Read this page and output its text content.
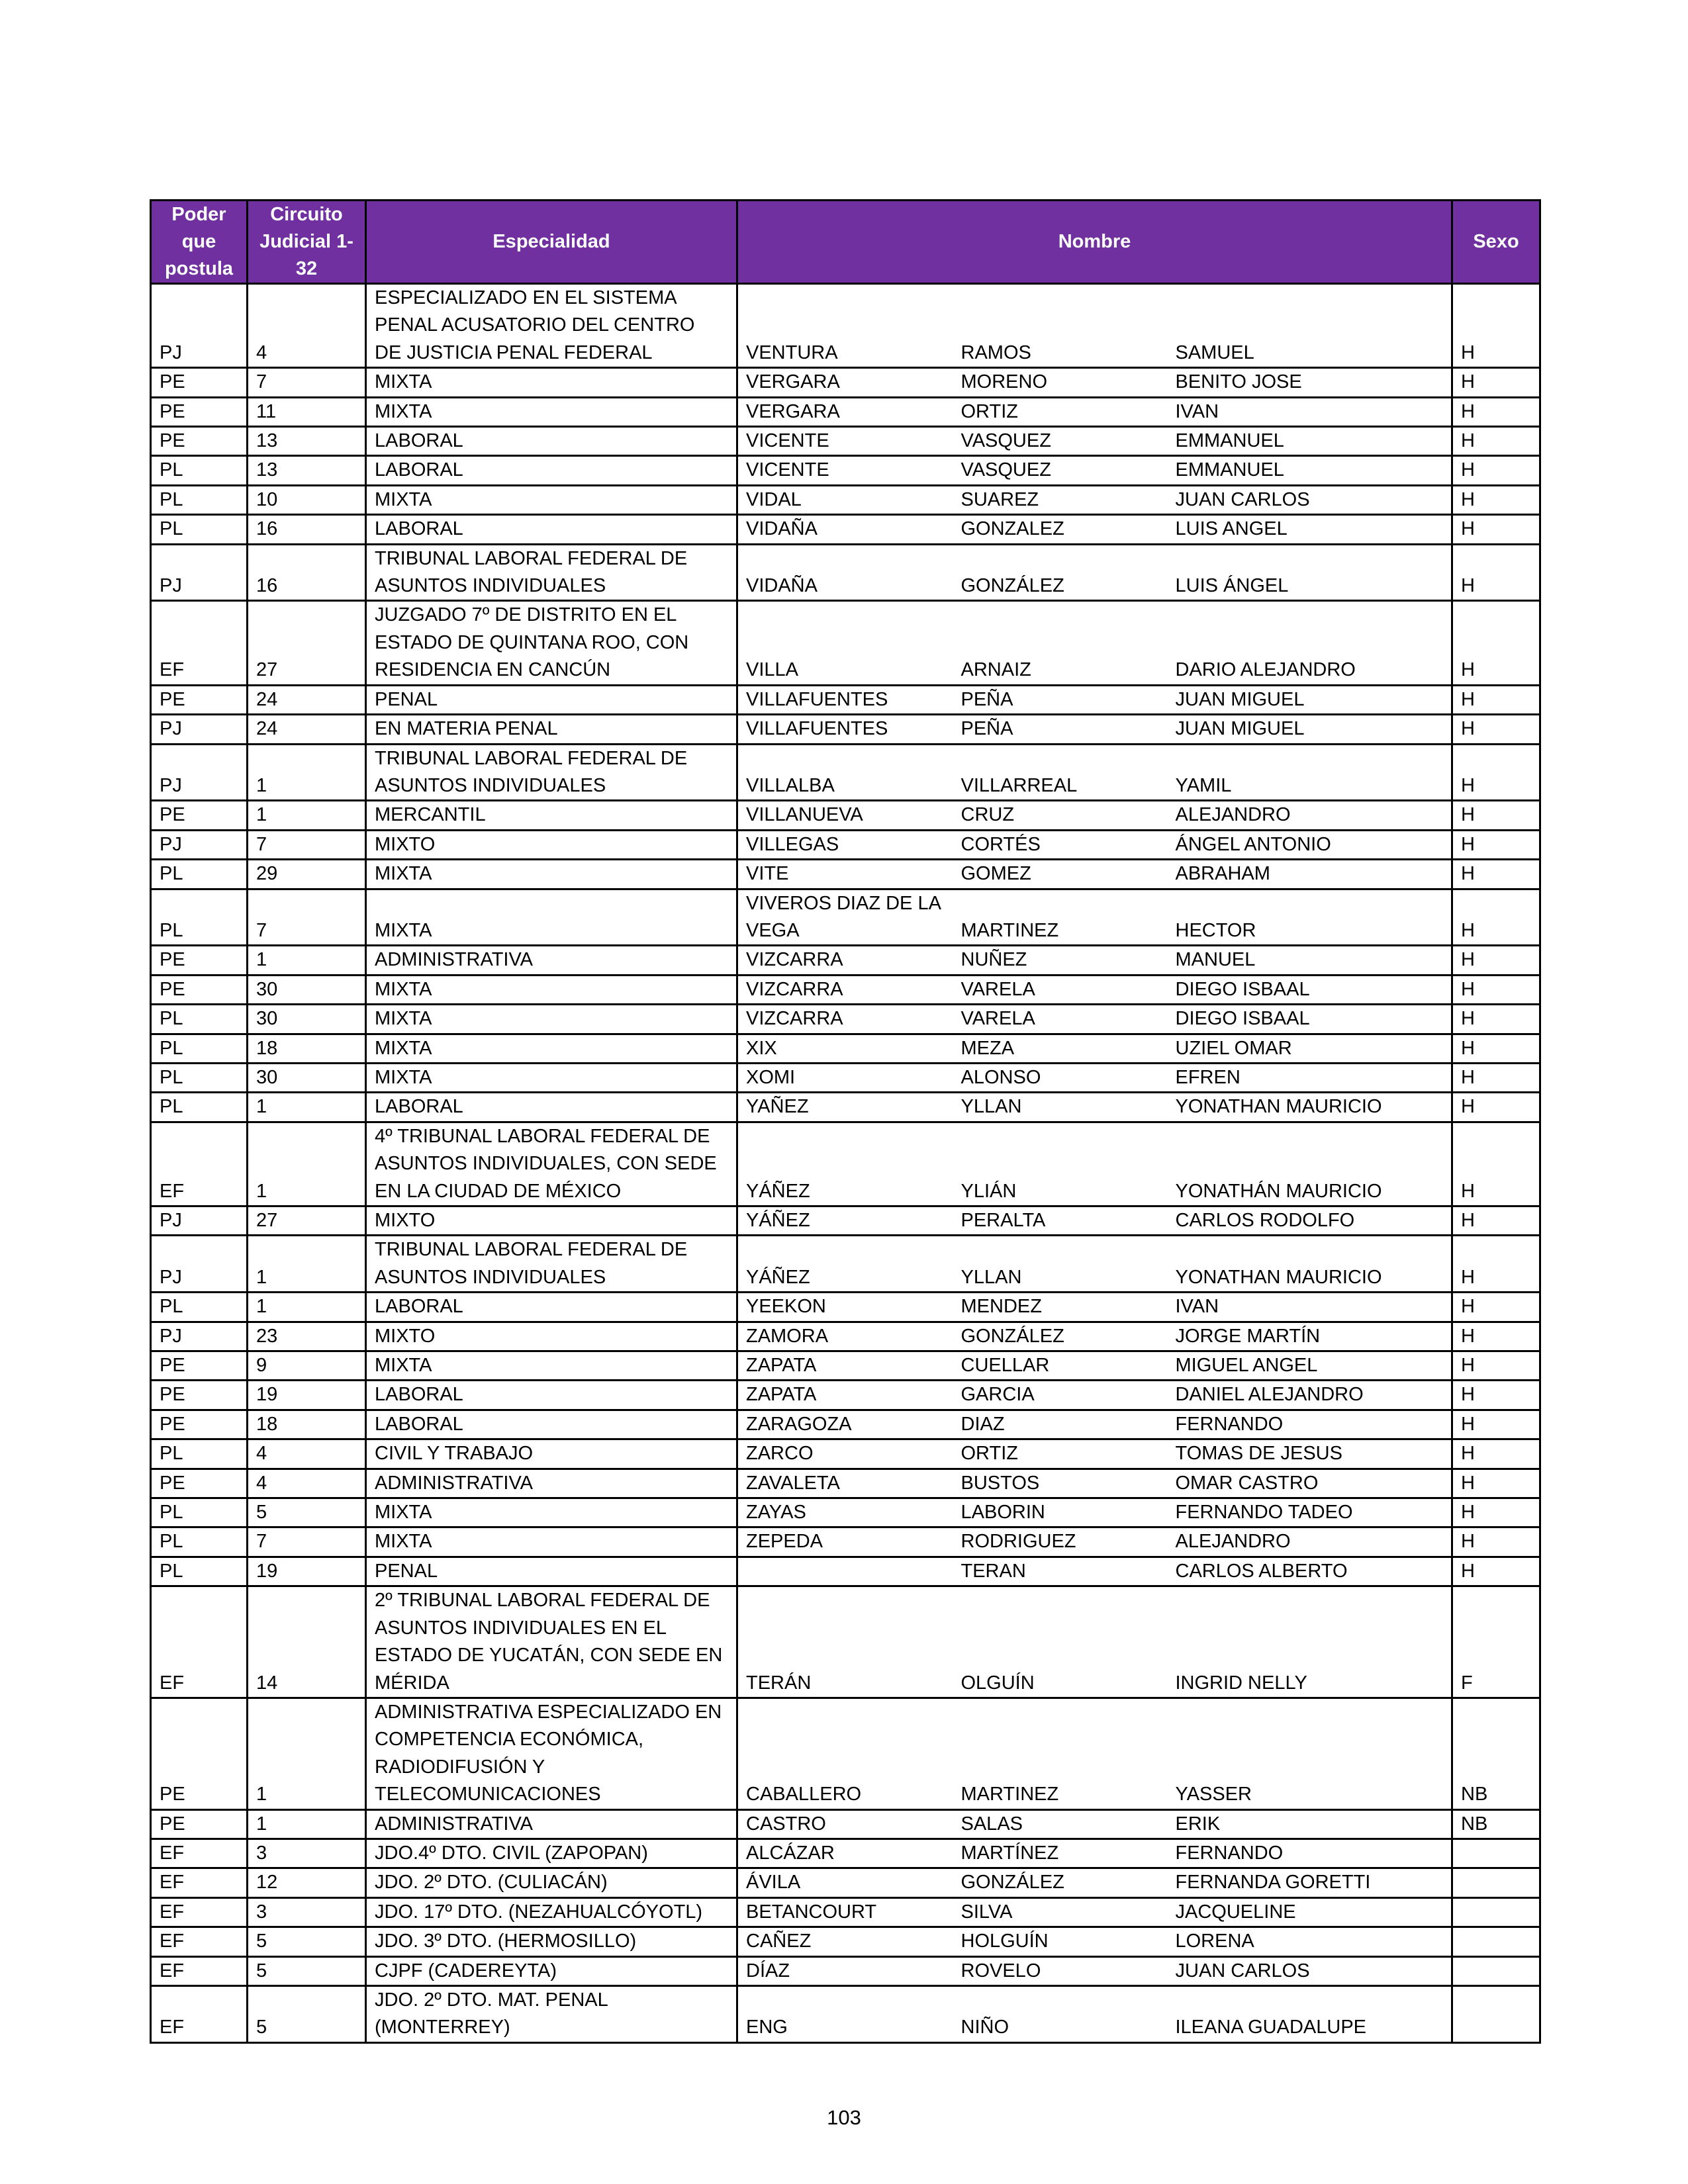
Poder que postula	Circuito Judicial 1-32	Especialidad	Nombre			Sexo
PJ	4	ESPECIALIZADO EN EL SISTEMA PENAL ACUSATORIO DEL CENTRO DE JUSTICIA PENAL FEDERAL	VENTURA	RAMOS	SAMUEL	H
PE	7	MIXTA	VERGARA	MORENO	BENITO JOSE	H
PE	11	MIXTA	VERGARA	ORTIZ	IVAN	H
PE	13	LABORAL	VICENTE	VASQUEZ	EMMANUEL	H
PL	13	LABORAL	VICENTE	VASQUEZ	EMMANUEL	H
PL	10	MIXTA	VIDAL	SUAREZ	JUAN CARLOS	H
PL	16	LABORAL	VIDAÑA	GONZALEZ	LUIS ANGEL	H
PJ	16	TRIBUNAL LABORAL FEDERAL DE ASUNTOS INDIVIDUALES	VIDAÑA	GONZÁLEZ	LUIS ÁNGEL	H
EF	27	JUZGADO 7º DE DISTRITO EN EL ESTADO DE QUINTANA ROO, CON RESIDENCIA EN CANCÚN	VILLA	ARNAIZ	DARIO ALEJANDRO	H
PE	24	PENAL	VILLAFUENTES	PEÑA	JUAN MIGUEL	H
PJ	24	EN MATERIA PENAL	VILLAFUENTES	PEÑA	JUAN MIGUEL	H
PJ	1	TRIBUNAL LABORAL FEDERAL DE ASUNTOS INDIVIDUALES	VILLALBA	VILLARREAL	YAMIL	H
PE	1	MERCANTIL	VILLANUEVA	CRUZ	ALEJANDRO	H
PJ	7	MIXTO	VILLEGAS	CORTÉS	ÁNGEL ANTONIO	H
PL	29	MIXTA	VITE	GOMEZ	ABRAHAM	H
PL	7	MIXTA	VIVEROS DIAZ DE LA VEGA	MARTINEZ	HECTOR	H
PE	1	ADMINISTRATIVA	VIZCARRA	NUÑEZ	MANUEL	H
PE	30	MIXTA	VIZCARRA	VARELA	DIEGO ISBAAL	H
PL	30	MIXTA	VIZCARRA	VARELA	DIEGO ISBAAL	H
PL	18	MIXTA	XIX	MEZA	UZIEL OMAR	H
PL	30	MIXTA	XOMI	ALONSO	EFREN	H
PL	1	LABORAL	YAÑEZ	YLLAN	YONATHAN MAURICIO	H
EF	1	4º TRIBUNAL LABORAL FEDERAL DE ASUNTOS INDIVIDUALES, CON SEDE EN LA CIUDAD DE MÉXICO	YÁÑEZ	YLIÁN	YONATHÁN MAURICIO	H
PJ	27	MIXTO	YÁÑEZ	PERALTA	CARLOS RODOLFO	H
PJ	1	TRIBUNAL LABORAL FEDERAL DE ASUNTOS INDIVIDUALES	YÁÑEZ	YLLAN	YONATHAN MAURICIO	H
PL	1	LABORAL	YEEKON	MENDEZ	IVAN	H
PJ	23	MIXTO	ZAMORA	GONZÁLEZ	JORGE MARTÍN	H
PE	9	MIXTA	ZAPATA	CUELLAR	MIGUEL ANGEL	H
PE	19	LABORAL	ZAPATA	GARCIA	DANIEL ALEJANDRO	H
PE	18	LABORAL	ZARAGOZA	DIAZ	FERNANDO	H
PL	4	CIVIL Y TRABAJO	ZARCO	ORTIZ	TOMAS DE JESUS	H
PE	4	ADMINISTRATIVA	ZAVALETA	BUSTOS	OMAR CASTRO	H
PL	5	MIXTA	ZAYAS	LABORIN	FERNANDO TADEO	H
PL	7	MIXTA	ZEPEDA	RODRIGUEZ	ALEJANDRO	H
PL	19	PENAL		TERAN	CARLOS ALBERTO	H
EF	14	2º TRIBUNAL LABORAL FEDERAL DE ASUNTOS INDIVIDUALES EN EL ESTADO DE YUCATÁN, CON SEDE EN MÉRIDA	TERÁN	OLGUÍN	INGRID NELLY	F
PE	1	ADMINISTRATIVA ESPECIALIZADO EN COMPETENCIA ECONÓMICA, RADIODIFUSIÓN Y TELECOMUNICACIONES	CABALLERO	MARTINEZ	YASSER	NB
PE	1	ADMINISTRATIVA	CASTRO	SALAS	ERIK	NB
EF	3	JDO.4º DTO. CIVIL (ZAPOPAN)	ALCÁZAR	MARTÍNEZ	FERNANDO	
EF	12	JDO. 2º DTO. (CULIACÁN)	ÁVILA	GONZÁLEZ	FERNANDA GORETTI	
EF	3	JDO. 17º DTO. (NEZAHUALCÓYOTL)	BETANCOURT	SILVA	JACQUELINE	
EF	5	JDO. 3º DTO. (HERMOSILLO)	CAÑEZ	HOLGUÍN	LORENA	
EF	5	CJPF (CADEREYTA)	DÍAZ	ROVELO	JUAN CARLOS	
EF	5	JDO. 2º DTO. MAT. PENAL (MONTERREY)	ENG	NIÑO	ILEANA GUADALUPE	
103
